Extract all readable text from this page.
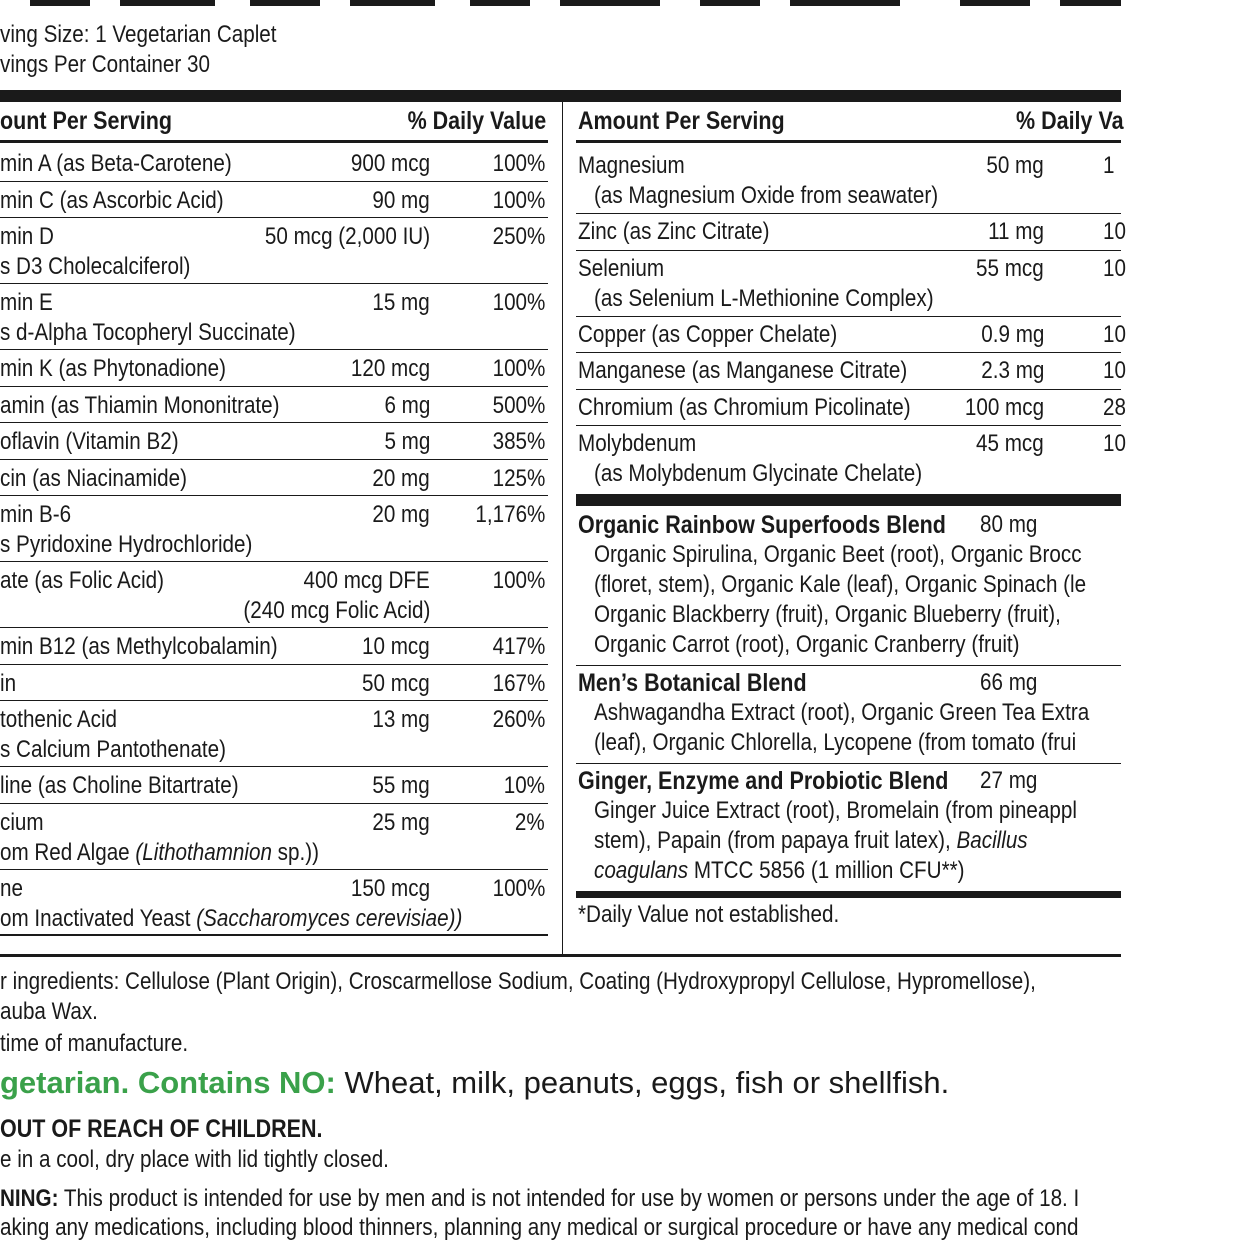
ving Size: 1 Vegetarian Caplet
vings Per Container 30
ount Per Serving	% Daily Value Amount Per Serving	% Daily Va
min A (as Beta-Carotene)	900 mcg	100%
min C (as Ascorbic Acid)	90 mg	100%
min D	50 mcg (2,000 IU)	250%
s D3 Cholecalciferol)
min E	15 mg	100%
s d-Alpha Tocopheryl Succinate)
min K (as Phytonadione)	120 mcg	100%
amin (as Thiamin Mononitrate)	6 mg	500%
oflavin (Vitamin B2)	5 mg	385%
cin (as Niacinamide)	20 mg	125%
min B-6	20 mg	1,176%
s Pyridoxine Hydrochloride)
ate (as Folic Acid)	400 mcg DFE	100%
(240 mcg Folic Acid)
min B12 (as Methylcobalamin)	10 mcg	417%
in	50 mcg	167%
tothenic Acid	13 mg	260%
s Calcium Pantothenate)
line (as Choline Bitartrate)	55 mg	10%
cium	25 mg	2%
om Red Algae (Lithothamnion sp.))
ne	150 mcg	100%
om Inactivated Yeast (Saccharomyces cerevisiae))
Magnesium	50 mg 1
(as Magnesium Oxide from seawater)
Zinc (as Zinc Citrate)	11 mg 10
Selenium	55 mcg 10
(as Selenium L-Methionine Complex)
Copper (as Copper Chelate)	0.9 mg 10
Manganese (as Manganese Citrate)	2.3 mg 10
Chromium (as Chromium Picolinate)	100 mcg 28
Molybdenum	45 mcg 10
(as Molybdenum Glycinate Chelate)
Organic Rainbow Superfoods Blend	80 mg
Organic Spirulina, Organic Beet (root), Organic Brocc
(floret, stem), Organic Kale (leaf), Organic Spinach (le
Organic Blackberry (fruit), Organic Blueberry (fruit),
Organic Carrot (root), Organic Cranberry (fruit)
Men’s Botanical Blend	66 mg
Ashwagandha Extract (root), Organic Green Tea Extra
(leaf), Organic Chlorella, Lycopene (from tomato (frui
Ginger, Enzyme and Probiotic Blend	27 mg
Ginger Juice Extract (root), Bromelain (from pineappl
stem), Papain (from papaya fruit latex), Bacillus
coagulans MTCC 5856 (1 million CFU**)
*Daily Value not established.
r ingredients: Cellulose (Plant Origin), Croscarmellose Sodium, Coating (Hydroxypropyl Cellulose, Hypromellose),
auba Wax.
time of manufacture.
getarian. Contains NO: Wheat, milk, peanuts, eggs, fish or shellfish.
OUT OF REACH OF CHILDREN.
e in a cool, dry place with lid tightly closed.
NING: This product is intended for use by men and is not intended for use by women or persons under the age of 18. I
aking any medications, including blood thinners, planning any medical or surgical procedure or have any medical cond
